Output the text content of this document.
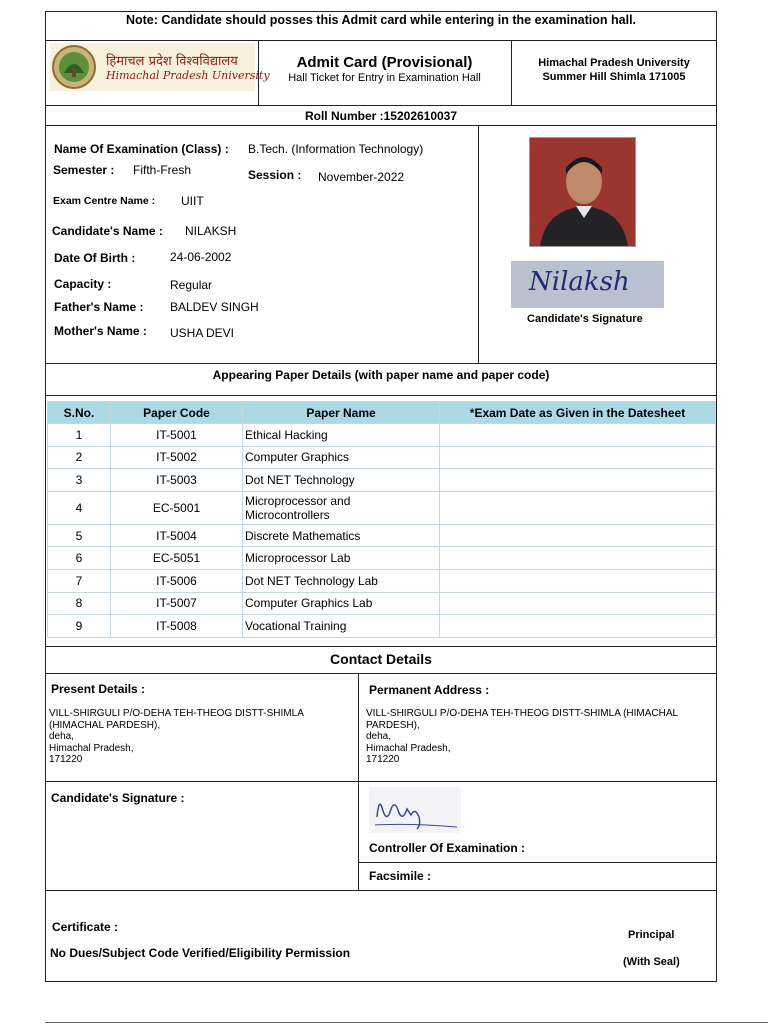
Note: Candidate should posses this Admit card while entering in the examination hall.
हिमाचल प्रदेश विश्वविद्यालय
Himachal Pradesh University
Admit Card (Provisional)
Hall Ticket for Entry in Examination Hall
Himachal Pradesh University
Summer Hill Shimla 171005
Roll Number :15202610037
Name Of Examination (Class) : B.Tech. (Information Technology)
Semester : Fifth-Fresh	Session : November-2022
Exam Centre Name : UIIT
Candidate's Name : NILAKSH
Date Of Birth :	24-06-2002
Capacity :	Regular
Father's Name : BALDEV SINGH
Mother's Name : USHA DEVI
Nilaksh
Candidate's Signature
Appearing Paper Details (with paper name and paper code)
S.No.	Paper Code	Paper Name	*Exam Date as Given in the Datesheet
1	IT-5001	Ethical Hacking	
2	IT-5002	Computer Graphics	
3	IT-5003	Dot NET Technology	
4	EC-5001	Microprocessor and Microcontrollers	
5	IT-5004	Discrete Mathematics	
6	EC-5051	Microprocessor Lab	
7	IT-5006	Dot NET Technology Lab	
8	IT-5007	Computer Graphics Lab	
9	IT-5008	Vocational Training	
Contact Details
Present Details :
VILL-SHIRGULI P/O-DEHA TEH-THEOG DISTT-SHIMLA
(HIMACHAL PARDESH),
deha,
Himachal Pradesh,
171220
Permanent Address :
VILL-SHIRGULI P/O-DEHA TEH-THEOG DISTT-SHIMLA (HIMACHAL
PARDESH),
deha,
Himachal Pradesh,
171220
Candidate's Signature :
Controller Of Examination :
Facsimile :
Certificate :
No Dues/Subject Code Verified/Eligibility Permission
Principal
(With Seal)
